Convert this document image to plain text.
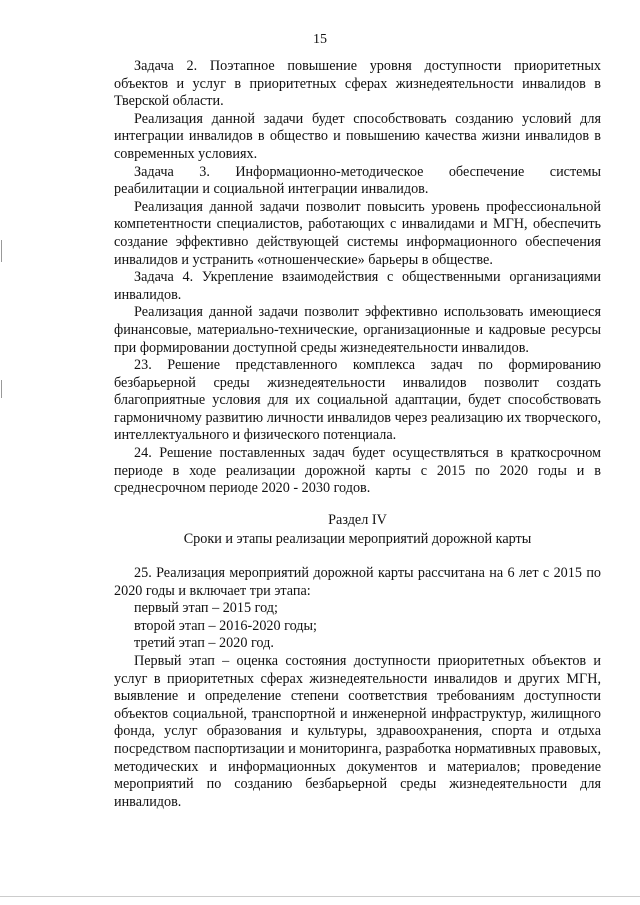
15

Задача 2. Поэтапное повышение уровня доступности приоритетных объектов и услуг в приоритетных сферах жизнедеятельности инвалидов в Тверской области.

Реализация данной задачи будет способствовать созданию условий для интеграции инвалидов в общество и повышению качества жизни инвалидов в современных условиях.

Задача 3. Информационно-методическое обеспечение системы реабилитации и социальной интеграции инвалидов.

Реализация данной задачи позволит повысить уровень профессиональной компетентности специалистов, работающих с инвалидами и МГН, обеспечить создание эффективно действующей системы информационного обеспечения инвалидов и устранить «отношенческие» барьеры в обществе.

Задача 4. Укрепление взаимодействия с общественными организациями инвалидов.

Реализация данной задачи позволит эффективно использовать имеющиеся финансовые, материально-технические, организационные и кадровые ресурсы при формировании доступной среды жизнедеятельности инвалидов.

23. Решение представленного комплекса задач по формированию безбарьерной среды жизнедеятельности инвалидов позволит создать благоприятные условия для их социальной адаптации, будет способствовать гармоничному развитию личности инвалидов через реализацию их творческого, интеллектуального и физического потенциала.

24. Решение поставленных задач будет осуществляться в краткосрочном периоде в ходе реализации дорожной карты с 2015 по 2020 годы и в среднесрочном периоде 2020 - 2030 годов.

Раздел IV

Сроки и этапы реализации мероприятий дорожной карты

25. Реализация мероприятий дорожной карты рассчитана на 6 лет с 2015 по 2020 годы и включает три этапа:

первый этап – 2015 год;

второй этап – 2016-2020 годы;

третий этап – 2020 год.

Первый этап – оценка состояния доступности приоритетных объектов и услуг в приоритетных сферах жизнедеятельности инвалидов и других МГН, выявление и определение степени соответствия требованиям доступности объектов социальной, транспортной и инженерной инфраструктур, жилищного фонда, услуг образования и культуры, здравоохранения, спорта и отдыха посредством паспортизации и мониторинга, разработка нормативных правовых, методических и информационных документов и материалов; проведение мероприятий по созданию безбарьерной среды жизнедеятельности для инвалидов.
